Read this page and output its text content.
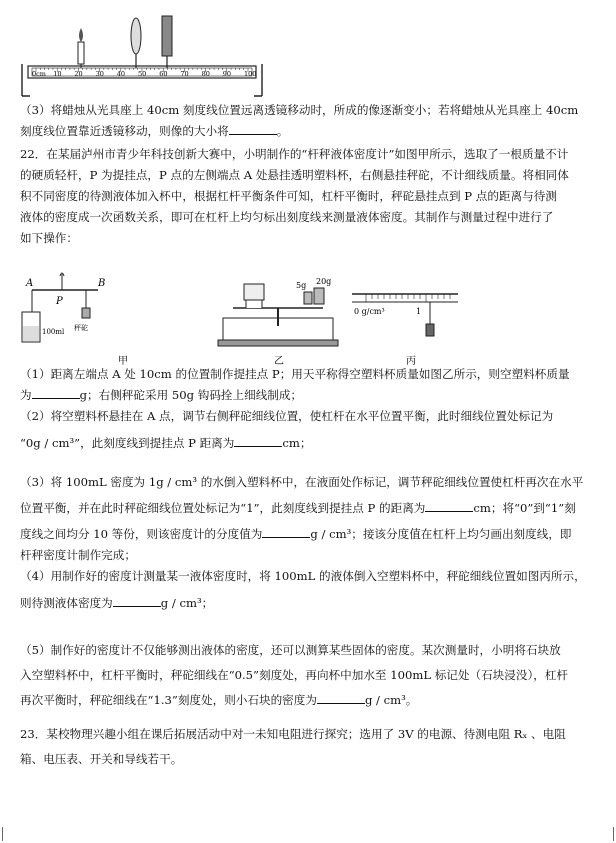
0cm 10 20 30 40 50 60 70 80 90 100

（3）将蜡烛从光具座上 40cm 刻度线位置远离透镜移动时，所成的像逐渐变小；若将蜡烛从光具座上 40cm

刻度线位置靠近透镜移动，则像的大小将	。

22．在某届泸州市青少年科技创新大赛中，小明制作的“杆秤液体密度计”如图甲所示，选取了一根质量不计

的硬质轻杆，P 为提挂点，P 点的左侧端点 A 处悬挂透明塑料杯，右侧悬挂秤砣，不计细线质量。将相同体

积不同密度的待测液体加入杯中，根据杠杆平衡条件可知，杠杆平衡时，秤砣悬挂点到 P 点的距离与待测

液体的密度成一次函数关系，即可在杠杆上均匀标出刻度线来测量液体密度。其制作与测量过程中进行了

如下操作：

A	B
P
100ml 秤砣
甲
5g 20g
乙
0 g/cm³	1
丙

（1）距离左端点 A 处 10cm 的位置制作提挂点 P；用天平称得空塑料杯质量如图乙所示，则空塑料杯质量

为	g；右侧秤砣采用 50g 钩码拴上细线制成；

（2）将空塑料杯悬挂在 A 点，调节右侧秤砣细线位置，使杠杆在水平位置平衡，此时细线位置处标记为

“0g / cm³”，此刻度线到提挂点 P 距离为	cm；

（3）将 100mL 密度为 1g / cm³ 的水倒入塑料杯中，在液面处作标记，调节秤砣细线位置使杠杆再次在水平

位置平衡，并在此时秤砣细线位置处标记为“1”，此刻度线到提挂点 P 的距离为	cm；将“0”到“1”刻

度线之间均分 10 等份，则该密度计的分度值为	g / cm³；接该分度值在杠杆上均匀画出刻度线，即

杆秤密度计制作完成；

（4）用制作好的密度计测量某一液体密度时，将 100mL 的液体倒入空塑料杯中，秤砣细线位置如图丙所示，

则待测液体密度为	g / cm³；

（5）制作好的密度计不仅能够测出液体的密度，还可以测算某些固体的密度。某次测量时，小明将石块放

入空塑料杯中，杠杆平衡时，秤砣细线在“0.5”刻度处，再向杯中加水至 100mL 标记处（石块浸没），杠杆

再次平衡时，秤砣细线在“1.3”刻度处，则小石块的密度为	g / cm³。

23．某校物理兴趣小组在课后拓展活动中对一未知电阻进行探究；选用了 3V 的电源、待测电阻 Rₓ 、电阻

箱、电压表、开关和导线若干。
